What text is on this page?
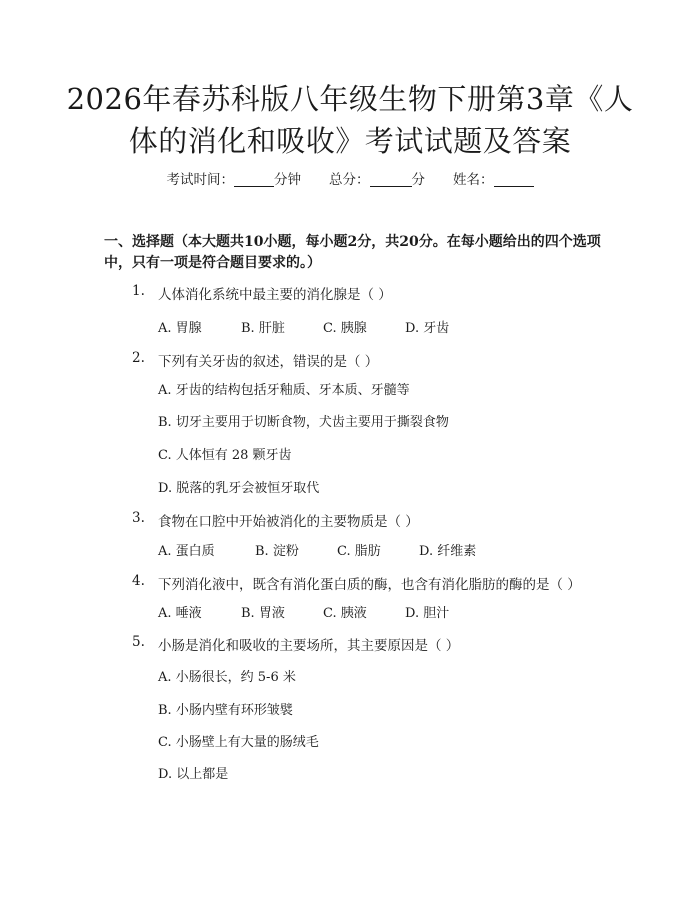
2026年春苏科版八年级生物下册第3章《人体的消化和吸收》考试试题及答案
考试时间：	分钟 总分：	分 姓名：

一、选择题（本大题共10小题，每小题2分，共20分。在每小题给出的四个选项中，只有一项是符合题目要求的。）

1. 人体消化系统中最主要的消化腺是（ ）
A. 胃腺	B. 肝脏	C. 胰腺	D. 牙齿
2. 下列有关牙齿的叙述，错误的是（ ）
A. 牙齿的结构包括牙釉质、牙本质、牙髓等
B. 切牙主要用于切断食物，犬齿主要用于撕裂食物
C. 人体恒有 28 颗牙齿
D. 脱落的乳牙会被恒牙取代
3. 食物在口腔中开始被消化的主要物质是（ ）
A. 蛋白质	B. 淀粉	C. 脂肪	D. 纤维素
4. 下列消化液中，既含有消化蛋白质的酶，也含有消化脂肪的酶的是（ ）
A. 唾液	B. 胃液	C. 胰液	D. 胆汁
5. 小肠是消化和吸收的主要场所，其主要原因是（ ）
A. 小肠很长，约 5-6 米
B. 小肠内壁有环形皱襞
C. 小肠壁上有大量的肠绒毛
D. 以上都是
